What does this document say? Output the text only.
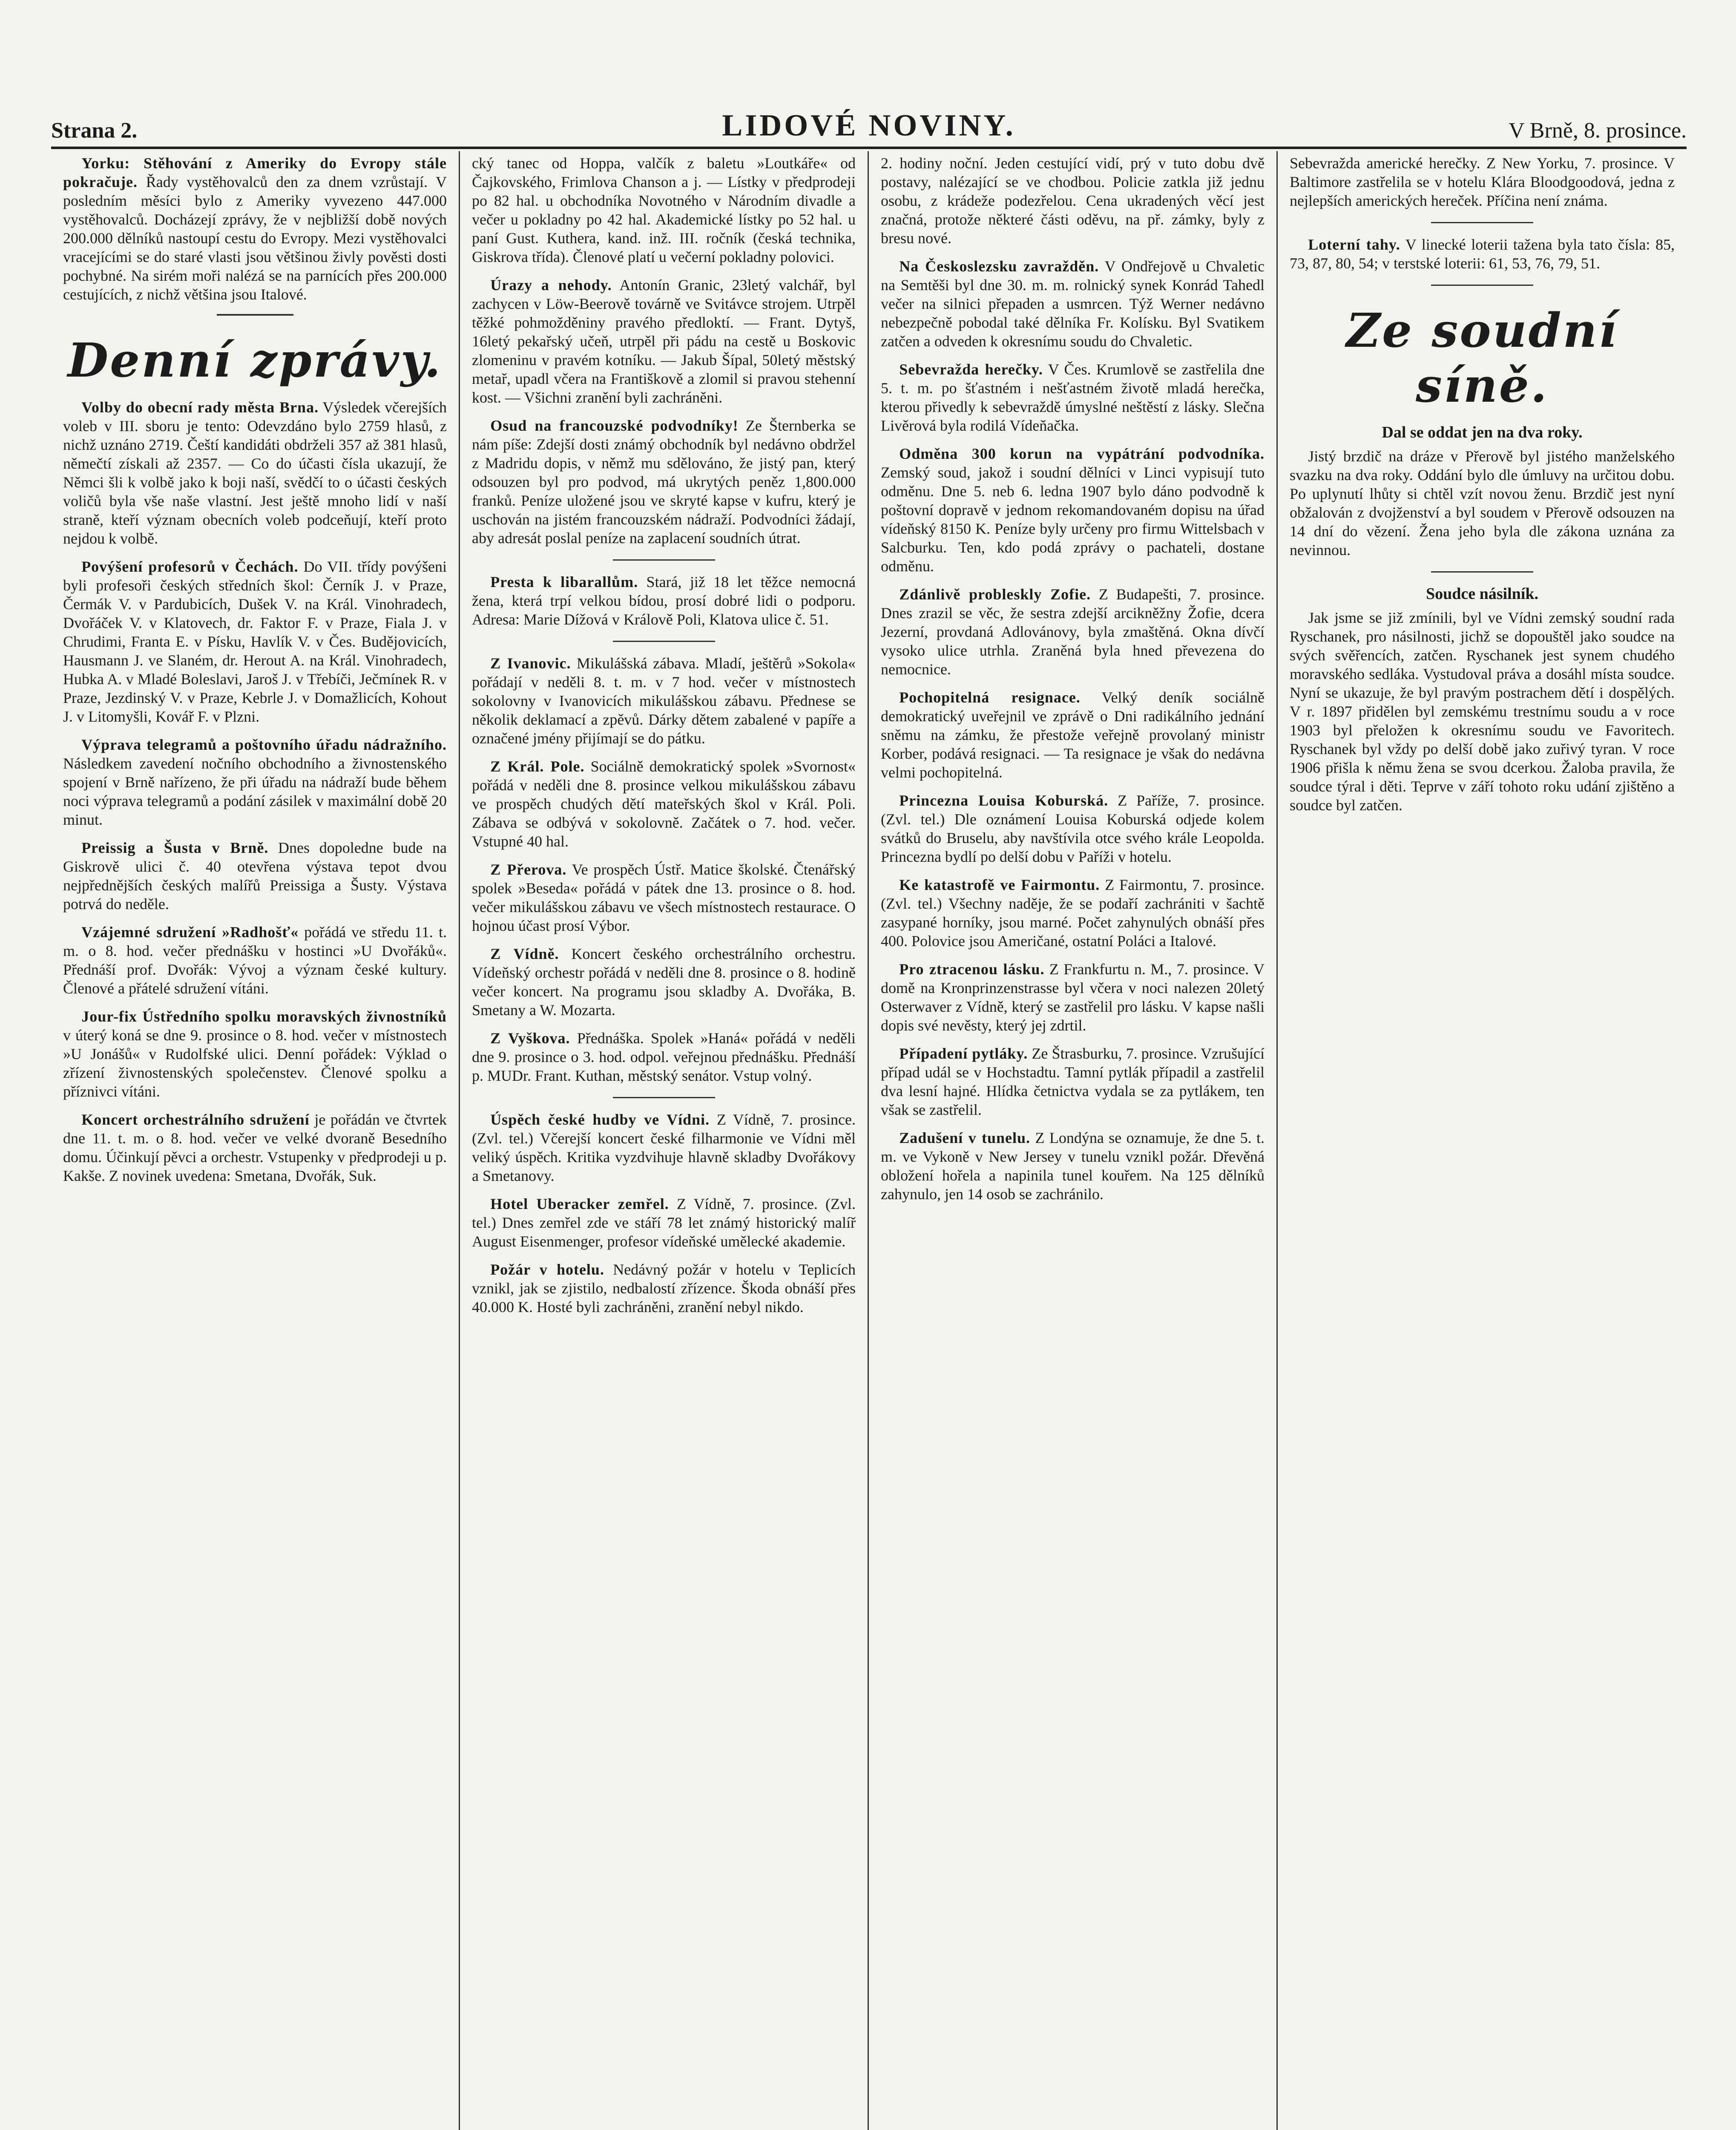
Strana 2.	LIDOVÉ NOVINY.	V Brně, 8. prosince.

Yorku: Stěhování z Ameriky do Evropy stále pokračuje. Řady vystěhovalců den za dnem vzrůstají. V posledním měsíci bylo z Ameriky vyvezeno 447.000 vystěhovalců. Docházejí zprávy, že v nejbližší době nových 200.000 dělníků nastoupí cestu do Evropy. Mezi vystěhovalci vracejícími se do staré vlasti jsou většinou živly pověsti dosti pochybné. Na sirém moři nalézá se na parnících přes 200.000 cestujících, z nichž většina jsou Italové.

Denní zprávy.

Volby do obecní rady města Brna. Výsledek včerejších voleb v III. sboru je tento: Odevzdáno bylo 2759 hlasů, z nichž uznáno 2719. Čeští kandidáti obdrželi 357 až 381 hlasů, němečtí získali až 2357. — Co do účasti čísla ukazují, že Němci šli k volbě jako k boji naší, svědčí to o účasti českých voličů byla vše naše vlastní. Jest ještě mnoho lidí v naší straně, kteří význam obecních voleb podceňují, kteří proto nejdou k volbě.

Povýšení profesorů v Čechách. Do VII. třídy povýšeni byli profesoři českých středních škol: Černík J. v Praze, Čermák V. v Pardubicích, Dušek V. na Král. Vinohradech, Dvořáček V. v Klatovech, dr. Faktor F. v Praze, Fiala J. v Chrudimi, Franta E. v Písku, Havlík V. v Čes. Budějovicích, Hausmann J. ve Slaném, dr. Herout A. na Král. Vinohradech, Hubka A. v Mladé Boleslavi, Jaroš J. v Třebíči, Ječmínek R. v Praze, Jezdinský V. v Praze, Kebrle J. v Domažlicích, Kohout J. v Litomyšli, Kovář F. v Plzni.

Výprava telegramů a poštovního úřadu nádražního. Následkem zavedení nočního obchodního a živnostenského spojení v Brně nařízeno, že při úřadu na nádraží bude během noci výprava telegramů a podání zásilek v maximální době 20 minut.

Preissig a Šusta v Brně. Dnes dopoledne bude na Giskrově ulici č. 40 otevřena výstava tepot dvou nejpřednějších českých malířů Preissiga a Šusty. Výstava potrvá do neděle.

Vzájemné sdružení »Radhošť« pořádá ve středu 11. t. m. o 8. hod. večer přednášku v hostinci »U Dvořáků«. Přednáší prof. Dvořák: Vývoj a význam české kultury. Členové a přátelé sdružení vítáni.

Jour-fix Ústředního spolku moravských živnostníků v úterý koná se dne 9. prosince o 8. hod. večer v místnostech »U Jonášů« v Rudolfské ulici. Denní pořádek: Výklad o zřízení živnostenských společenstev. Členové spolku a příznivci vítáni.

Koncert orchestrálního sdružení je pořádán ve čtvrtek dne 11. t. m. o 8. hod. večer ve velké dvoraně Besedního domu. Účinkují pěvci a orchestr. Vstupenky v předprodeji u p. Kakše. Z novinek uvedena: Smetana, Dvořák, Suk.

cký tanec od Hoppa, valčík z baletu »Loutkáře« od Čajkovského, Frimlova Chanson a j. — Lístky v předprodeji po 82 hal. u obchodníka Novotného v Národním divadle a večer u pokladny po 42 hal. Akademické lístky po 52 hal. u paní Gust. Kuthera, kand. inž. III. ročník (česká technika, Giskrova třída). Členové platí u večerní pokladny polovici.

Úrazy a nehody. Antonín Granic, 23letý valchář, byl zachycen v Löw-Beerově továrně ve Svitávce strojem. Utrpěl těžké pohmožděniny pravého předloktí. — Frant. Dytyš, 16letý pekařský učeň, utrpěl při pádu na cestě u Boskovic zlomeninu v pravém kotníku. — Jakub Šípal, 50letý městský metař, upadl včera na Františkově a zlomil si pravou stehenní kost. — Všichni zranění byli zachráněni.

Osud na francouzské podvodníky! Ze Šternberka se nám píše: Zdejší dosti známý obchodník byl nedávno obdržel z Madridu dopis, v němž mu sdělováno, že jistý pan, který odsouzen byl pro podvod, má ukrytých peněz 1,800.000 franků. Peníze uložené jsou ve skryté kapse v kufru, který je uschován na jistém francouzském nádraží. Podvodníci žádají, aby adresát poslal peníze na zaplacení soudních útrat.

Presta k libarallům. Stará, již 18 let těžce nemocná žena, která trpí velkou bídou, prosí dobré lidi o podporu. Adresa: Marie Dížová v Králově Poli, Klatova ulice č. 51.

Z Ivanovic. Mikulášská zábava. Mladí, ještěrů »Sokola« pořádají v neděli 8. t. m. v 7 hod. večer v místnostech sokolovny v Ivanovicích mikulášskou zábavu. Přednese se několik deklamací a zpěvů. Dárky dětem zabalené v papíře a označené jmény přijímají se do pátku.

Z Král. Pole. Sociálně demokratický spolek »Svornost« pořádá v neděli dne 8. prosince velkou mikulášskou zábavu ve prospěch chudých dětí mateřských škol v Král. Poli. Zábava se odbývá v sokolovně. Začátek o 7. hod. večer. Vstupné 40 hal.

Z Přerova. Ve prospěch Ústř. Matice školské. Čtenářský spolek »Beseda« pořádá v pátek dne 13. prosince o 8. hod. večer mikulášskou zábavu ve všech místnostech restaurace. O hojnou účast prosí Výbor.

Z Vídně. Koncert českého orchestrálního orchestru. Vídeňský orchestr pořádá v neděli dne 8. prosince o 8. hodině večer koncert. Na programu jsou skladby A. Dvořáka, B. Smetany a W. Mozarta.

Z Vyškova. Přednáška. Spolek »Haná« pořádá v neděli dne 9. prosince o 3. hod. odpol. veřejnou přednášku. Přednáší p. MUDr. Frant. Kuthan, městský senátor. Vstup volný.

Úspěch české hudby ve Vídni. Z Vídně, 7. prosince. (Zvl. tel.) Včerejší koncert české filharmonie ve Vídni měl veliký úspěch. Kritika vyzdvihuje hlavně skladby Dvořákovy a Smetanovy.

Hotel Uberacker zemřel. Z Vídně, 7. prosince. (Zvl. tel.) Dnes zemřel zde ve stáří 78 let známý historický malíř August Eisenmenger, profesor vídeňské umělecké akademie.

Požár v hotelu. Nedávný požár v hotelu v Teplicích vznikl, jak se zjistilo, nedbalostí zřízence. Škoda obnáší přes 40.000 K. Hosté byli zachráněni, zranění nebyl nikdo.

2. hodiny noční. Jeden cestující vidí, prý v tuto dobu dvě postavy, nalézající se ve chodbou. Policie zatkla již jednu osobu, z krádeže podezřelou. Cena ukradených věcí jest značná, protože některé části oděvu, na př. zámky, byly z bresu nové.

Na Českoslezsku zavražděn. V Ondřejově u Chvaletic na Semtěši byl dne 30. m. m. rolnický synek Konrád Tahedl večer na silnici přepaden a usmrcen. Týž Werner nedávno nebezpečně pobodal také dělníka Fr. Kolísku. Byl Svatikem zatčen a odveden k okresnímu soudu do Chvaletic.

Sebevražda herečky. V Čes. Krumlově se zastřelila dne 5. t. m. po šťastném i nešťastném životě mladá herečka, kterou přivedly k sebevraždě úmyslné neštěstí z lásky. Slečna Livěrová byla rodilá Vídeňačka.

Odměna 300 korun na vypátrání podvodníka. Zemský soud, jakož i soudní dělníci v Linci vypisují tuto odměnu. Dne 5. neb 6. ledna 1907 bylo dáno podvodně k poštovní dopravě v jednom rekomandovaném dopisu na úřad vídeňský 8150 K. Peníze byly určeny pro firmu Wittelsbach v Salcburku. Ten, kdo podá zprávy o pachateli, dostane odměnu.

Zdánlivě probleskly Zofie. Z Budapešti, 7. prosince. Dnes zrazil se věc, že sestra zdejší arcikněžny Žofie, dcera Jezerní, provdaná Adlovánovy, byla zmaštěná. Okna dívčí vysoko ulice utrhla. Zraněná byla hned převezena do nemocnice.

Pochopitelná resignace. Velký deník sociálně demokratický uveřejnil ve zprávě o Dni radikálního jednání sněmu na zámku, že přestože veřejně provolaný ministr Korber, podává resignaci. — Ta resignace je však do nedávna velmi pochopitelná.

Princezna Louisa Koburská. Z Paříže, 7. prosince. (Zvl. tel.) Dle oznámení Louisa Koburská odjede kolem svátků do Bruselu, aby navštívila otce svého krále Leopolda. Princezna bydlí po delší dobu v Paříži v hotelu.

Ke katastrofě ve Fairmontu. Z Fairmontu, 7. prosince. (Zvl. tel.) Všechny naděje, že se podaří zachrániti v šachtě zasypané horníky, jsou marné. Počet zahynulých obnáší přes 400. Polovice jsou Američané, ostatní Poláci a Italové.

Pro ztracenou lásku. Z Frankfurtu n. M., 7. prosince. V domě na Kronprinzenstrasse byl včera v noci nalezen 20letý Osterwaver z Vídně, který se zastřelil pro lásku. V kapse našli dopis své nevěsty, který jej zdrtil.

Případení pytláky. Ze Štrasburku, 7. prosince. Vzrušující případ udál se v Hochstadtu. Tamní pytlák případil a zastřelil dva lesní hajné. Hlídka četnictva vydala se za pytlákem, ten však se zastřelil.

Zadušení v tunelu. Z Londýna se oznamuje, že dne 5. t. m. ve Vykoně v New Jersey v tunelu vznikl požár. Dřevěná obložení hořela a napinila tunel kouřem. Na 125 dělníků zahynulo, jen 14 osob se zachránilo.

Sebevražda americké herečky. Z New Yorku, 7. prosince. V Baltimore zastřelila se v hotelu Klára Bloodgoodová, jedna z nejlepších amerických hereček. Příčina není známa.

Loterní tahy. V linecké loterii tažena byla tato čísla: 85, 73, 87, 80, 54; v terstské loterii: 61, 53, 76, 79, 51.

Ze soudní síně.
Dal se oddat jen na dva roky.

Jistý brzdič na dráze v Přerově byl jistého manželského svazku na dva roky. Oddání bylo dle úmluvy na určitou dobu. Po uplynutí lhůty si chtěl vzít novou ženu. Brzdič jest nyní obžalován z dvojženství a byl soudem v Přerově odsouzen na 14 dní do vězení. Žena jeho byla dle zákona uznána za nevinnou.

Soudce násilník.

Jak jsme se již zmínili, byl ve Vídni zemský soudní rada Ryschanek, pro násilnosti, jichž se dopouštěl jako soudce na svých svěřencích, zatčen. Ryschanek jest synem chudého moravského sedláka. Vystudoval práva a dosáhl místa soudce. Nyní se ukazuje, že byl pravým postrachem dětí i dospělých. V r. 1897 přidělen byl zemskému trestnímu soudu a v roce 1903 byl přeložen k okresnímu soudu ve Favoritech. Ryschanek byl vždy po delší době jako zuřivý tyran. V roce 1906 přišla k němu žena se svou dcerkou. Žaloba pravila, že soudce týral i děti. Teprve v září tohoto roku udání zjištěno a soudce byl zatčen.
